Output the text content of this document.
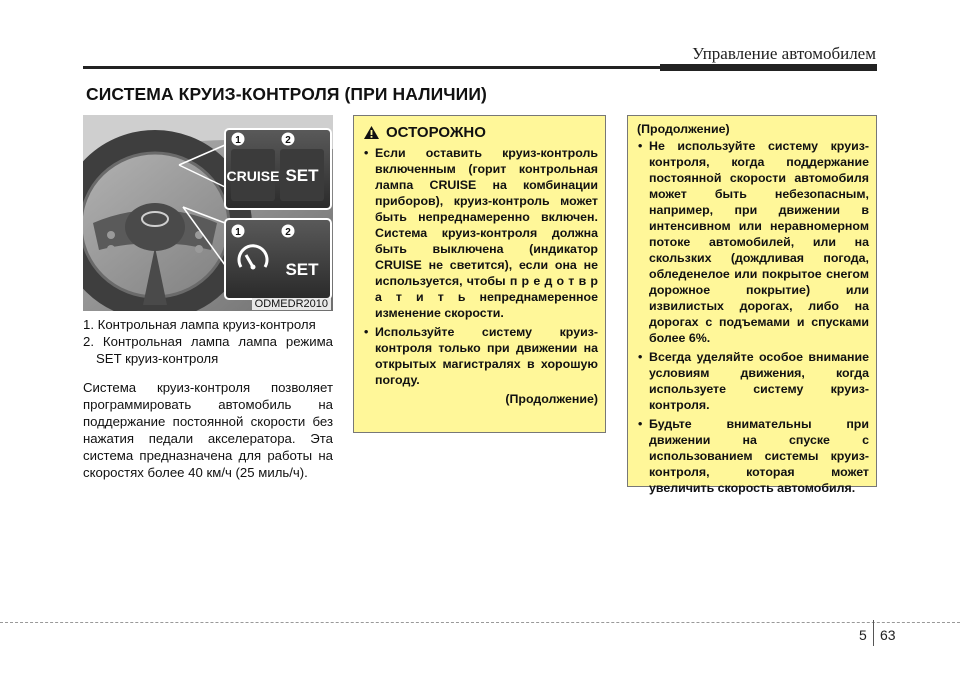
Управление автомобилем
СИСТЕМА КРУИЗ-КОНТРОЛЯ (ПРИ НАЛИЧИИ)
1	2
CRUISE SET
1	2
SET
ODMEDR2010
1. Контрольная лампа круиз-контроля
2. Контрольная лампа лампа режима SET круиз-контроля

Система круиз-контроля позволяет программировать автомобиль на поддержание постоянной скорости без нажатия педали акселератора. Эта система предназначена для работы на скоростях более 40 км/ч (25 миль/ч).

ОСТОРОЖНО
• Если оставить круиз-контроль включенным (горит контрольная лампа CRUISE на комбинации приборов), круиз-контроль может быть непреднамеренно включен. Система круиз-контроля должна быть выключена (индикатор CRUISE не светится), если она не используется, чтобы п р е д о т в р а т и т ь непреднамеренное изменение скорости.
• Используйте систему круиз-контроля только при движении на открытых магистралях в хорошую погоду.
(Продолжение)
(Продолжение)
• Не используйте систему круиз-контроля, когда поддержание постоянной скорости автомобиля может быть небезопасным, например, при движении в интенсивном или неравномерном потоке автомобилей, или на скользких (дождливая погода, обледенелое или покрытое снегом дорожное покрытие) или извилистых дорогах, либо на дорогах с подъемами и спусками более 6%.
• Всегда уделяйте особое внимание условиям движения, когда используете систему круиз-контроля.
• Будьте внимательны при движении на спуске с использованием системы круиз-контроля, которая может увеличить скорость автомобиля.
5 63
